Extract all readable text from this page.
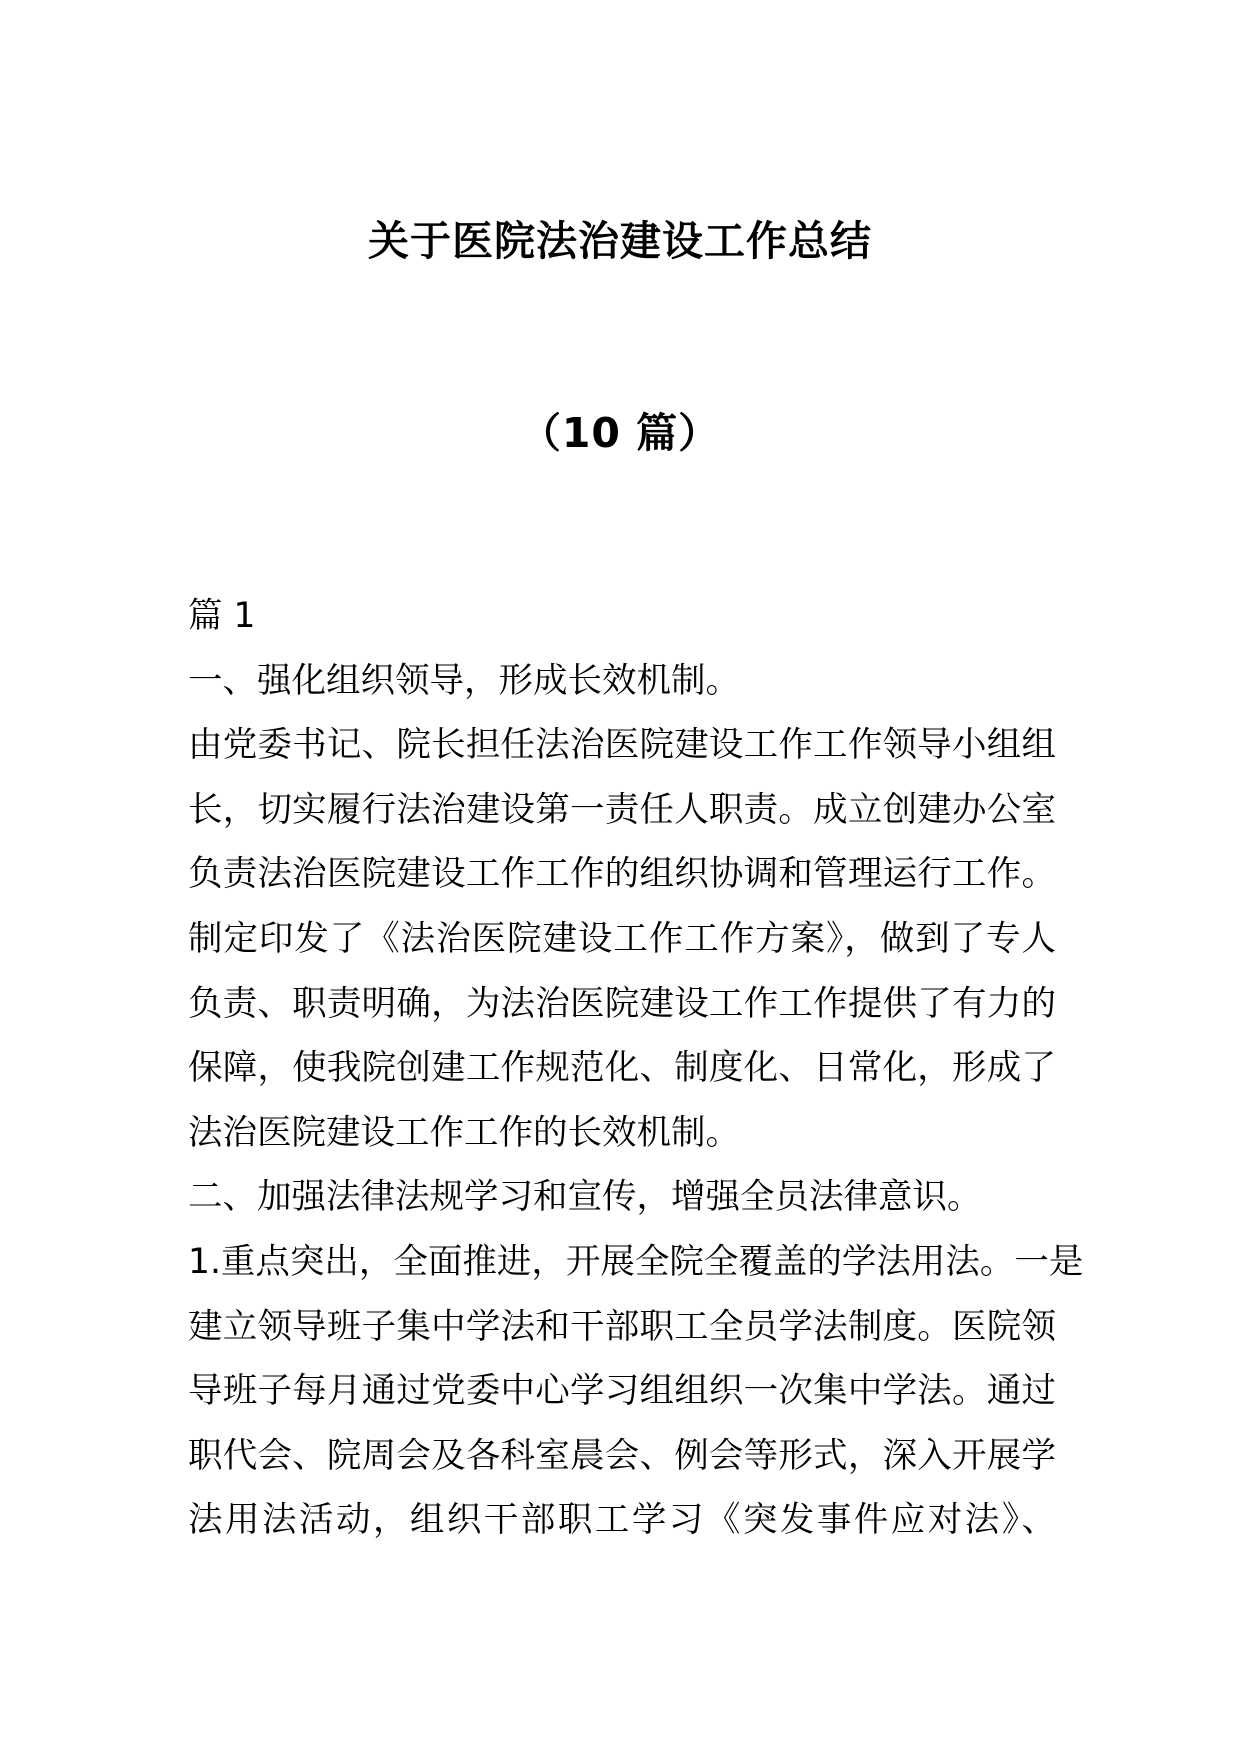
关于医院法治建设工作总结
（10 篇）
篇 1
一、强化组织领导，形成长效机制。
由党委书记、院长担任法治医院建设工作工作领导小组组
长，切实履行法治建设第一责任人职责。成立创建办公室
负责法治医院建设工作工作的组织协调和管理运行工作。
制定印发了《法治医院建设工作工作方案》，做到了专人
负责、职责明确，为法治医院建设工作工作提供了有力的
保障，使我院创建工作规范化、制度化、日常化，形成了
法治医院建设工作工作的长效机制。
二、加强法律法规学习和宣传，增强全员法律意识。
1.重点突出，全面推进，开展全院全覆盖的学法用法。一是
建立领导班子集中学法和干部职工全员学法制度。医院领
导班子每月通过党委中心学习组组织一次集中学法。通过
职代会、院周会及各科室晨会、例会等形式，深入开展学
法用法活动，组织干部职工学习《突发事件应对法》、
